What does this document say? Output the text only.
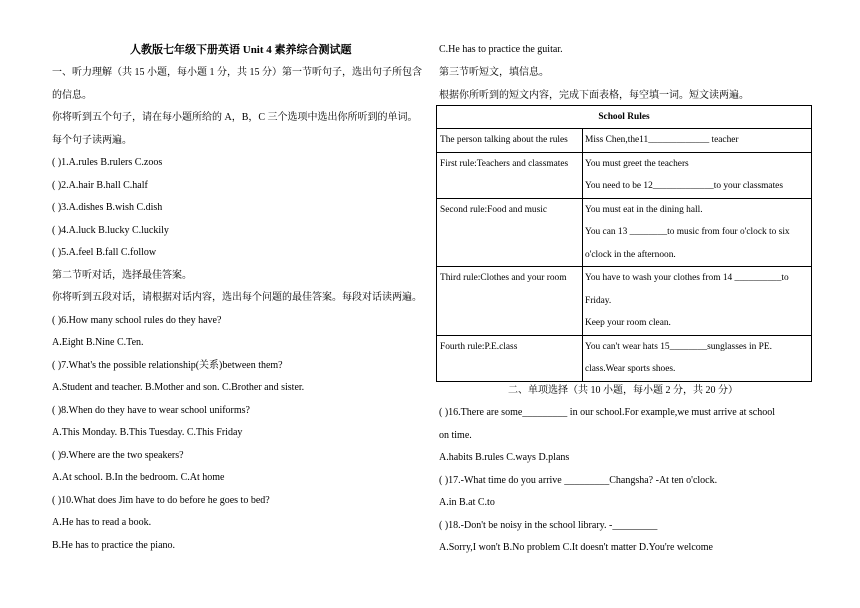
人教版七年级下册英语 Unit 4 素养综合测试题
一、听力理解（共 15 小题，每小题 1 分，共 15 分）第一节听句子，选出句子所包含
的信息。
你将听到五个句子，请在每小题所给的 A，B，C 三个选项中选出你所听到的单词。
每个句子读两遍。
( )1.A.rules B.rulers C.zoos
( )2.A.hair B.hall C.half
( )3.A.dishes B.wish C.dish
( )4.A.luck B.lucky C.luckily
( )5.A.feel B.fall C.follow
第二节听对话，选择最佳答案。
你将听到五段对话，请根据对话内容，选出每个问题的最佳答案。每段对话读两遍。
( )6.How many school rules do they have?
A.Eight B.Nine C.Ten.
( )7.What's the possible relationship(关系)between them?
A.Student and teacher. B.Mother and son. C.Brother and sister.
( )8.When do they have to wear school uniforms?
A.This Monday. B.This Tuesday. C.This Friday
( )9.Where are the two speakers?
A.At school. B.In the bedroom. C.At home
( )10.What does Jim have to do before he goes to bed?
A.He has to read a book.
B.He has to practice the piano.
C.He has to practice the guitar.
第三节听短文，填信息。
根据你所听到的短文内容，完成下面表格，每空填一词。短文读两遍。
School Rules	

The person talking about the rules	Miss Chen,the11_____________ teacher

First rule:Teachers and classmates	You must greet the teachers
You need to be 12_____________to your classmates

Second rule:Food and music	You must eat in the dining hall.
You can 13 ________to music from four o'clock to six
o'clock in the afternoon.

Third rule:Clothes and your room	You have to wash your clothes from 14 __________to
Friday.
Keep your room clean.

Fourth rule:P.E.class	You can't wear hats 15________sunglasses in PE.
class.Wear sports shoes.
二、单项选择（共 10 小题，每小题 2 分，共 20 分）
( )16.There are some_________ in our school.For example,we must arrive at school
on time.
A.habits B.rules C.ways D.plans
( )17.-What time do you arrive _________Changsha? -At ten o'clock.
A.in B.at C.to
( )18.-Don't be noisy in the school library. -_________
A.Sorry,I won't B.No problem C.It doesn't matter D.You're welcome
